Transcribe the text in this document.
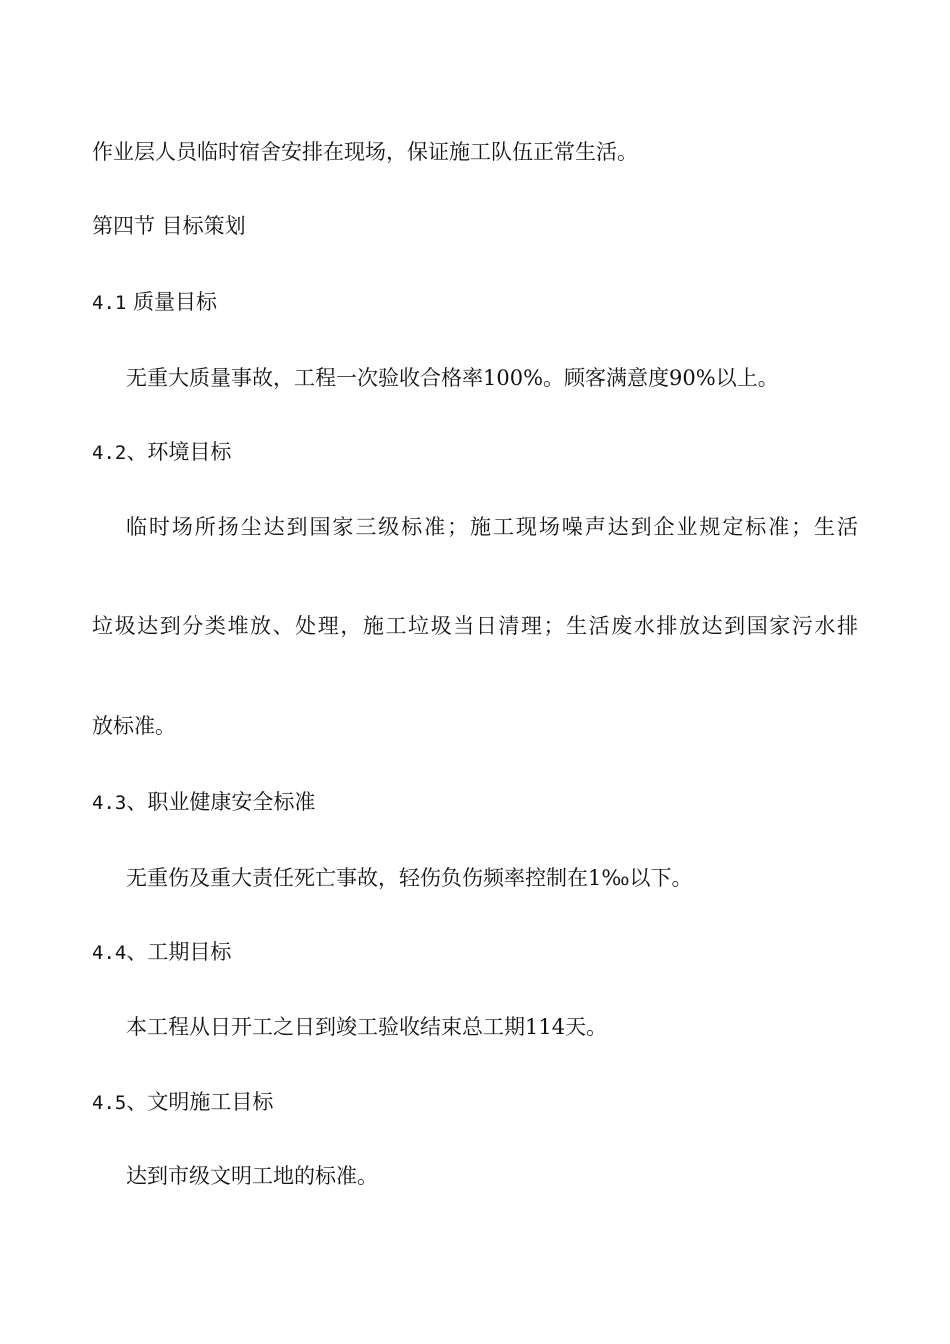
作业层人员临时宿舍安排在现场，保证施工队伍正常生活。
第四节 目标策划
4.1 质量目标
无重大质量事故，工程一次验收合格率100%。顾客满意度90%以上。
4.2、环境目标
临时场所扬尘达到国家三级标准；施工现场噪声达到企业规定标准；生活
垃圾达到分类堆放、处理，施工垃圾当日清理；生活废水排放达到国家污水排
放标准。
4.3、职业健康安全标准
无重伤及重大责任死亡事故，轻伤负伤频率控制在1‰以下。
4.4、工期目标
本工程从日开工之日到竣工验收结束总工期114天。
4.5、文明施工目标
达到市级文明工地的标准。
